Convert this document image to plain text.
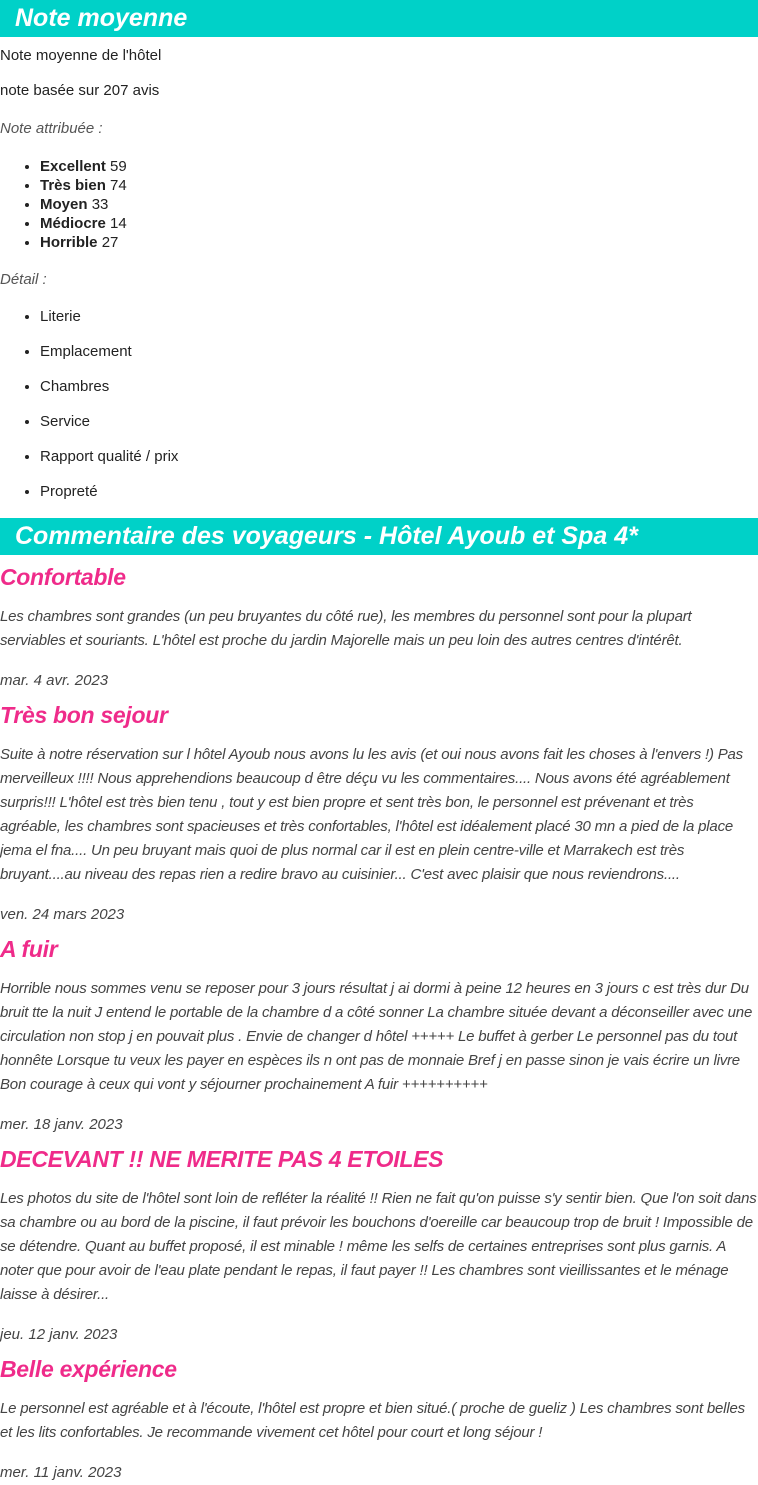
Note moyenne

Note moyenne de l'hôtel

note basée sur 207 avis

Note attribuée :

• Excellent 59
• Très bien 74
• Moyen 33
• Médiocre 14
• Horrible 27

Détail :

• Literie
• Emplacement
• Chambres
• Service
• Rapport qualité / prix
• Propreté
Commentaire des voyageurs - Hôtel Ayoub et Spa 4*
Confortable

Les chambres sont grandes (un peu bruyantes du côté rue), les membres du personnel sont pour la plupart serviables et souriants. L'hôtel est proche du jardin Majorelle mais un peu loin des autres centres d'intérêt.

mar. 4 avr. 2023

Très bon sejour

Suite à notre réservation sur l hôtel Ayoub nous avons lu les avis (et oui nous avons fait les choses à l'envers !) Pas merveilleux !!!! Nous apprehendions beaucoup d être déçu vu les commentaires.... Nous avons été agréablement surpris!!! L'hôtel est très bien tenu , tout y est bien propre et sent très bon, le personnel est prévenant et très agréable, les chambres sont spacieuses et très confortables, l'hôtel est idéalement placé 30 mn a pied de la place jema el fna.... Un peu bruyant mais quoi de plus normal car il est en plein centre-ville et Marrakech est très bruyant....au niveau des repas rien a redire bravo au cuisinier... C'est avec plaisir que nous reviendrons....

ven. 24 mars 2023

A fuir

Horrible nous sommes venu se reposer pour 3 jours résultat j ai dormi à peine 12 heures en 3 jours c est très dur Du bruit tte la nuit J entend le portable de la chambre d a côté sonner La chambre située devant a déconseiller avec une circulation non stop j en pouvait plus . Envie de changer d hôtel +++++ Le buffet à gerber Le personnel pas du tout honnête Lorsque tu veux les payer en espèces ils n ont pas de monnaie Bref j en passe sinon je vais écrire un livre Bon courage à ceux qui vont y séjourner prochainement A fuir ++++++++++

mer. 18 janv. 2023

DECEVANT !! NE MERITE PAS 4 ETOILES

Les photos du site de l'hôtel sont loin de refléter la réalité !! Rien ne fait qu'on puisse s'y sentir bien. Que l'on soit dans sa chambre ou au bord de la piscine, il faut prévoir les bouchons d'oereille car beaucoup trop de bruit ! Impossible de se détendre. Quant au buffet proposé, il est minable ! même les selfs de certaines entreprises sont plus garnis. A noter que pour avoir de l'eau plate pendant le repas, il faut payer !! Les chambres sont vieillissantes et le ménage laisse à désirer...

jeu. 12 janv. 2023

Belle expérience

Le personnel est agréable et à l'écoute, l'hôtel est propre et bien situé.( proche de gueliz ) Les chambres sont belles et les lits confortables. Je recommande vivement cet hôtel pour court et long séjour !

mer. 11 janv. 2023
